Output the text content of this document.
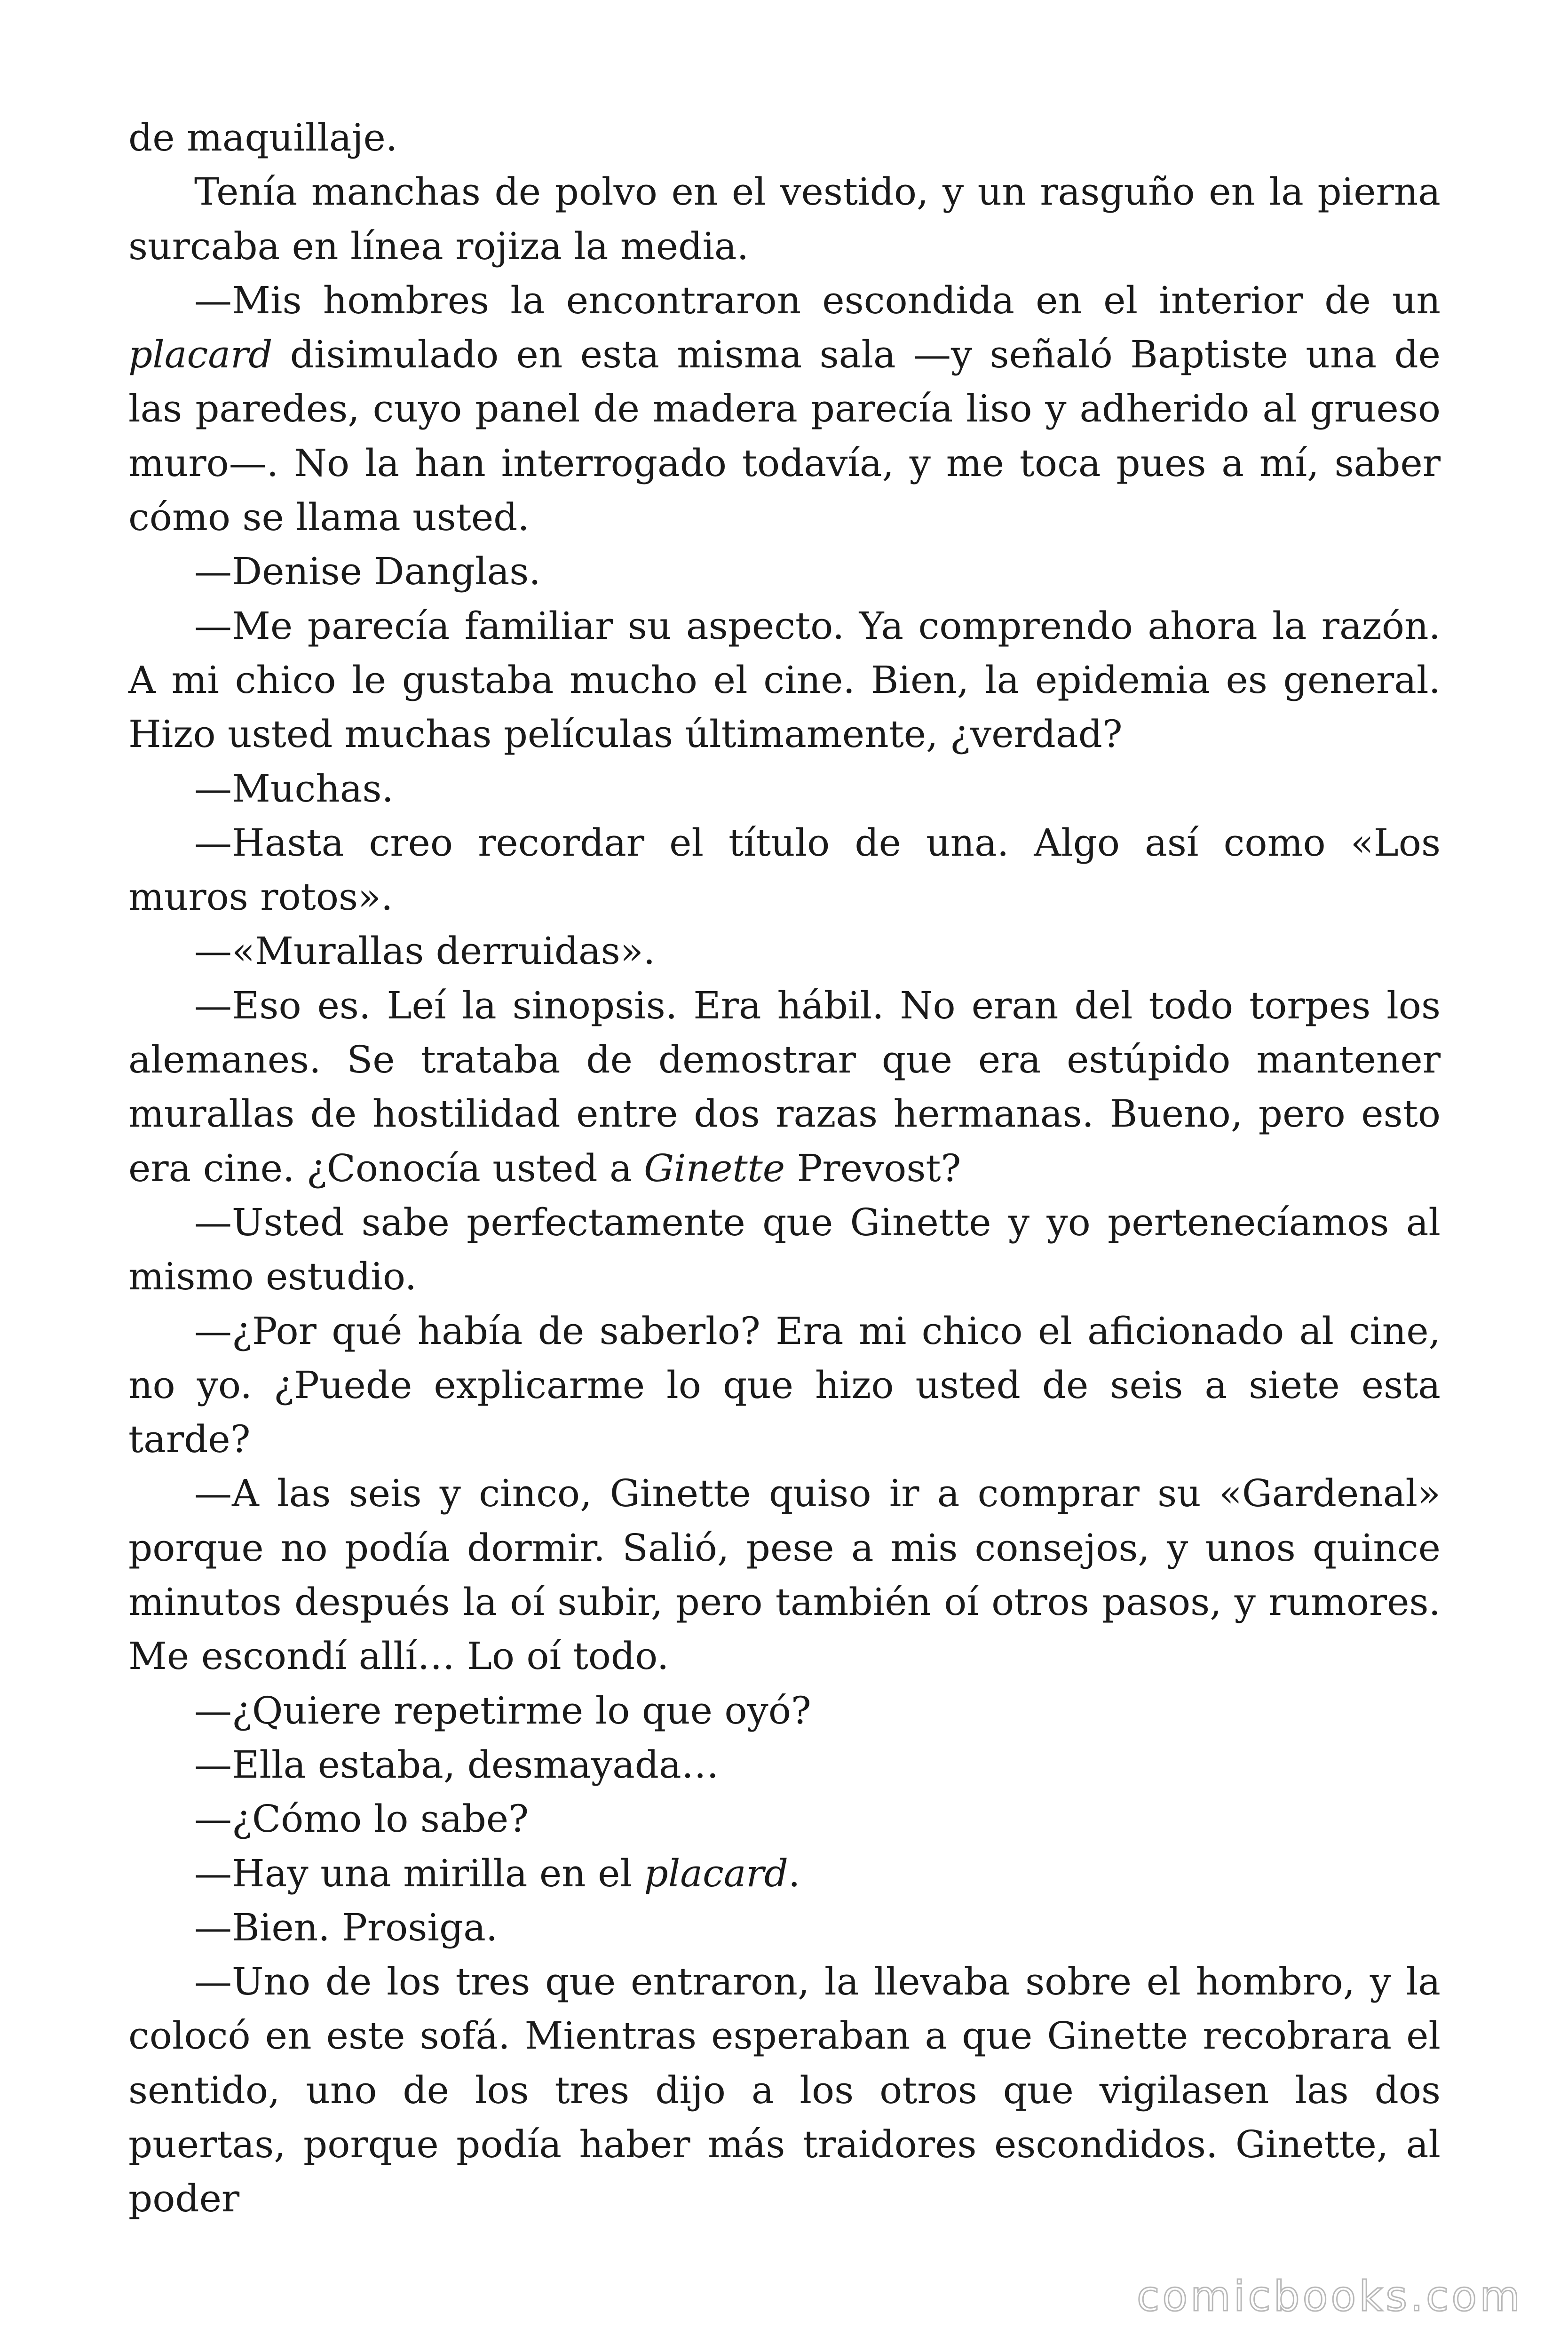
de maquillaje.

Tenía manchas de polvo en el vestido, y un rasguño en la pierna surcaba en línea rojiza la media.

—Mis hombres la encontraron escondida en el interior de un placard disimulado en esta misma sala —y señaló Baptiste una de las paredes, cuyo panel de madera parecía liso y adherido al grueso muro—. No la han interrogado todavía, y me toca pues a mí, saber cómo se llama usted.

—Denise Danglas.

—Me parecía familiar su aspecto. Ya comprendo ahora la razón. A mi chico le gustaba mucho el cine. Bien, la epidemia es general. Hizo usted muchas películas últimamente, ¿verdad?

—Muchas.

—Hasta creo recordar el título de una. Algo así como «Los muros rotos».

—«Murallas derruidas».

—Eso es. Leí la sinopsis. Era hábil. No eran del todo torpes los alemanes. Se trataba de demostrar que era estúpido mantener murallas de hostilidad entre dos razas hermanas. Bueno, pero esto era cine. ¿Conocía usted a Ginette Prevost?

—Usted sabe perfectamente que Ginette y yo pertenecíamos al mismo estudio.

—¿Por qué había de saberlo? Era mi chico el aficionado al cine, no yo. ¿Puede explicarme lo que hizo usted de seis a siete esta tarde?

—A las seis y cinco, Ginette quiso ir a comprar su «Gardenal» porque no podía dormir. Salió, pese a mis consejos, y unos quince minutos después la oí subir, pero también oí otros pasos, y rumores. Me escondí allí… Lo oí todo.

—¿Quiere repetirme lo que oyó?

—Ella estaba, desmayada…

—¿Cómo lo sabe?

—Hay una mirilla en el placard.

—Bien. Prosiga.

—Uno de los tres que entraron, la llevaba sobre el hombro, y la colocó en este sofá. Mientras esperaban a que Ginette recobrara el sentido, uno de los tres dijo a los otros que vigilasen las dos puertas, porque podía haber más traidores escondidos. Ginette, al poder

comicbooks.com
